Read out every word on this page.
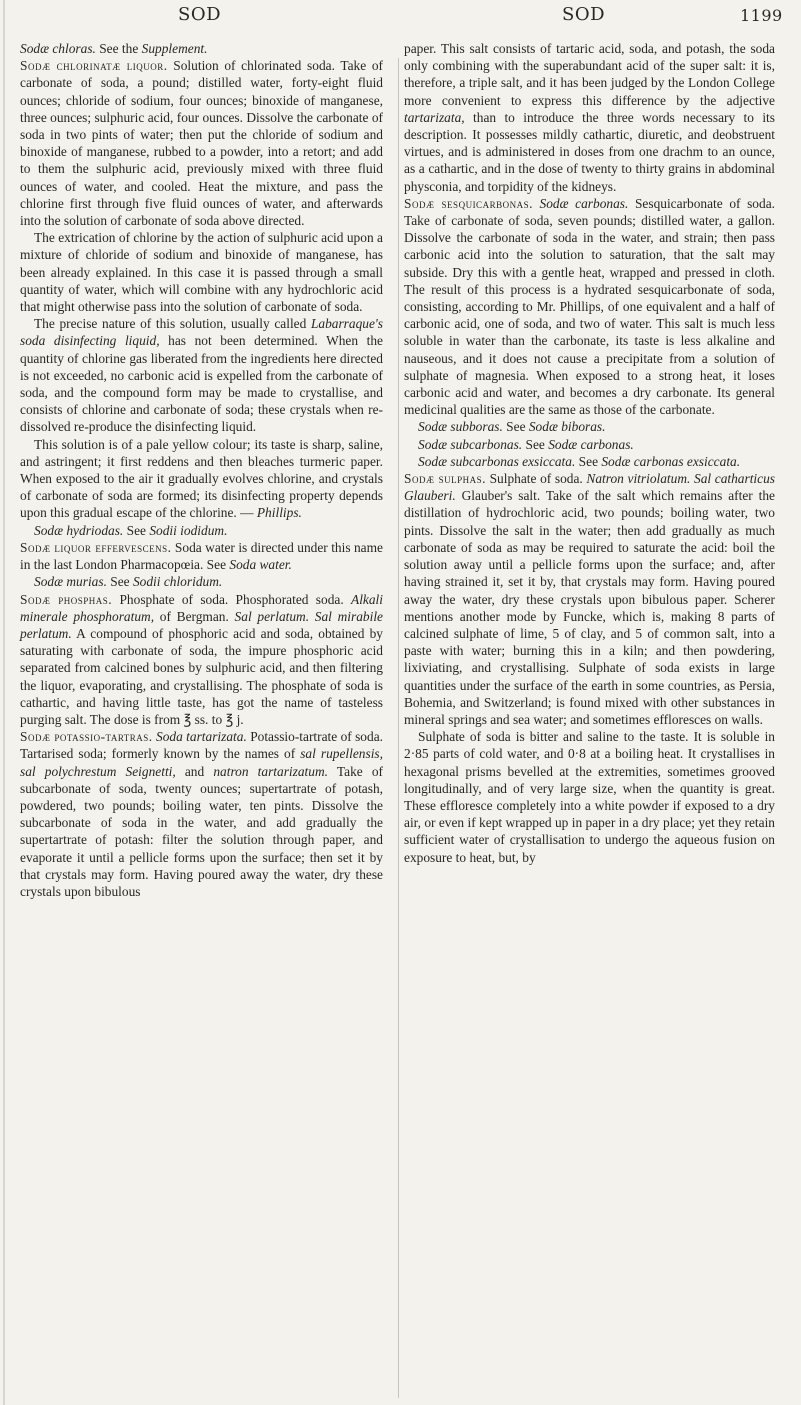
SOD	SOD	1199

Sodæ chloras. See the Supplement.

Sodæ chlorinatæ liquor. Solution of chlorinated soda. Take of carbonate of soda, a pound; distilled water, forty-eight fluid ounces; chloride of sodium, four ounces; binoxide of manganese, three ounces; sulphuric acid, four ounces. Dissolve the carbonate of soda in two pints of water; then put the chloride of sodium and binoxide of manganese, rubbed to a powder, into a retort; and add to them the sulphuric acid, previously mixed with three fluid ounces of water, and cooled. Heat the mixture, and pass the chlorine first through five fluid ounces of water, and afterwards into the solution of carbonate of soda above directed.

The extrication of chlorine by the action of sulphuric acid upon a mixture of chloride of sodium and binoxide of manganese, has been already explained. In this case it is passed through a small quantity of water, which will combine with any hydrochloric acid that might otherwise pass into the solution of carbonate of soda.

The precise nature of this solution, usually called Labarraque's soda disinfecting liquid, has not been determined. When the quantity of chlorine gas liberated from the ingredients here directed is not exceeded, no carbonic acid is expelled from the carbonate of soda, and the compound form may be made to crystallise, and consists of chlorine and carbonate of soda; these crystals when re-dissolved re-produce the disinfecting liquid.

This solution is of a pale yellow colour; its taste is sharp, saline, and astringent; it first reddens and then bleaches turmeric paper. When exposed to the air it gradually evolves chlorine, and crystals of carbonate of soda are formed; its disinfecting property depends upon this gradual escape of the chlorine. — Phillips.

Sodæ hydriodas. See Sodii iodidum.

Sodæ liquor effervescens. Soda water is directed under this name in the last London Pharmacopœia. See Soda water.

Sodæ murias. See Sodii chloridum.

Sodæ phosphas. Phosphate of soda. Phosphorated soda. Alkali minerale phosphoratum, of Bergman. Sal perlatum. Sal mirabile perlatum. A compound of phosphoric acid and soda, obtained by saturating with carbonate of soda, the impure phosphoric acid separated from calcined bones by sulphuric acid, and then filtering the liquor, evaporating, and crystallising. The phosphate of soda is cathartic, and having little taste, has got the name of tasteless purging salt. The dose is from ℥ ss. to ℥ j.

Sodæ potassio-tartras. Soda tartarizata. Potassio-tartrate of soda. Tartarised soda; formerly known by the names of sal rupellensis, sal polychrestum Seignetti, and natron tartarizatum. Take of subcarbonate of soda, twenty ounces; supertartrate of potash, powdered, two pounds; boiling water, ten pints. Dissolve the subcarbonate of soda in the water, and add gradually the supertartrate of potash: filter the solution through paper, and evaporate it until a pellicle forms upon the surface; then set it by that crystals may form. Having poured away the water, dry these crystals upon bibulous

paper. This salt consists of tartaric acid, soda, and potash, the soda only combining with the superabundant acid of the super salt: it is, therefore, a triple salt, and it has been judged by the London College more convenient to express this difference by the adjective tartarizata, than to introduce the three words necessary to its description. It possesses mildly cathartic, diuretic, and deobstruent virtues, and is administered in doses from one drachm to an ounce, as a cathartic, and in the dose of twenty to thirty grains in abdominal physconia, and torpidity of the kidneys.

Sodæ sesquicarbonas. Sodæ carbonas. Sesquicarbonate of soda. Take of carbonate of soda, seven pounds; distilled water, a gallon. Dissolve the carbonate of soda in the water, and strain; then pass carbonic acid into the solution to saturation, that the salt may subside. Dry this with a gentle heat, wrapped and pressed in cloth. The result of this process is a hydrated sesquicarbonate of soda, consisting, according to Mr. Phillips, of one equivalent and a half of carbonic acid, one of soda, and two of water. This salt is much less soluble in water than the carbonate, its taste is less alkaline and nauseous, and it does not cause a precipitate from a solution of sulphate of magnesia. When exposed to a strong heat, it loses carbonic acid and water, and becomes a dry carbonate. Its general medicinal qualities are the same as those of the carbonate.

Sodæ subboras. See Sodæ biboras.

Sodæ subcarbonas. See Sodæ carbonas.

Sodæ subcarbonas exsiccata. See Sodæ carbonas exsiccata.

Sodæ sulphas. Sulphate of soda. Natron vitriolatum. Sal catharticus Glauberi. Glauber's salt. Take of the salt which remains after the distillation of hydrochloric acid, two pounds; boiling water, two pints. Dissolve the salt in the water; then add gradually as much carbonate of soda as may be required to saturate the acid: boil the solution away until a pellicle forms upon the surface; and, after having strained it, set it by, that crystals may form. Having poured away the water, dry these crystals upon bibulous paper. Scherer mentions another mode by Funcke, which is, making 8 parts of calcined sulphate of lime, 5 of clay, and 5 of common salt, into a paste with water; burning this in a kiln; and then powdering, lixiviating, and crystallising. Sulphate of soda exists in large quantities under the surface of the earth in some countries, as Persia, Bohemia, and Switzerland; is found mixed with other substances in mineral springs and sea water; and sometimes effloresces on walls.

Sulphate of soda is bitter and saline to the taste. It is soluble in 2·85 parts of cold water, and 0·8 at a boiling heat. It crystallises in hexagonal prisms bevelled at the extremities, sometimes grooved longitudinally, and of very large size, when the quantity is great. These effloresce completely into a white powder if exposed to a dry air, or even if kept wrapped up in paper in a dry place; yet they retain sufficient water of crystallisation to undergo the aqueous fusion on exposure to heat, but, by
